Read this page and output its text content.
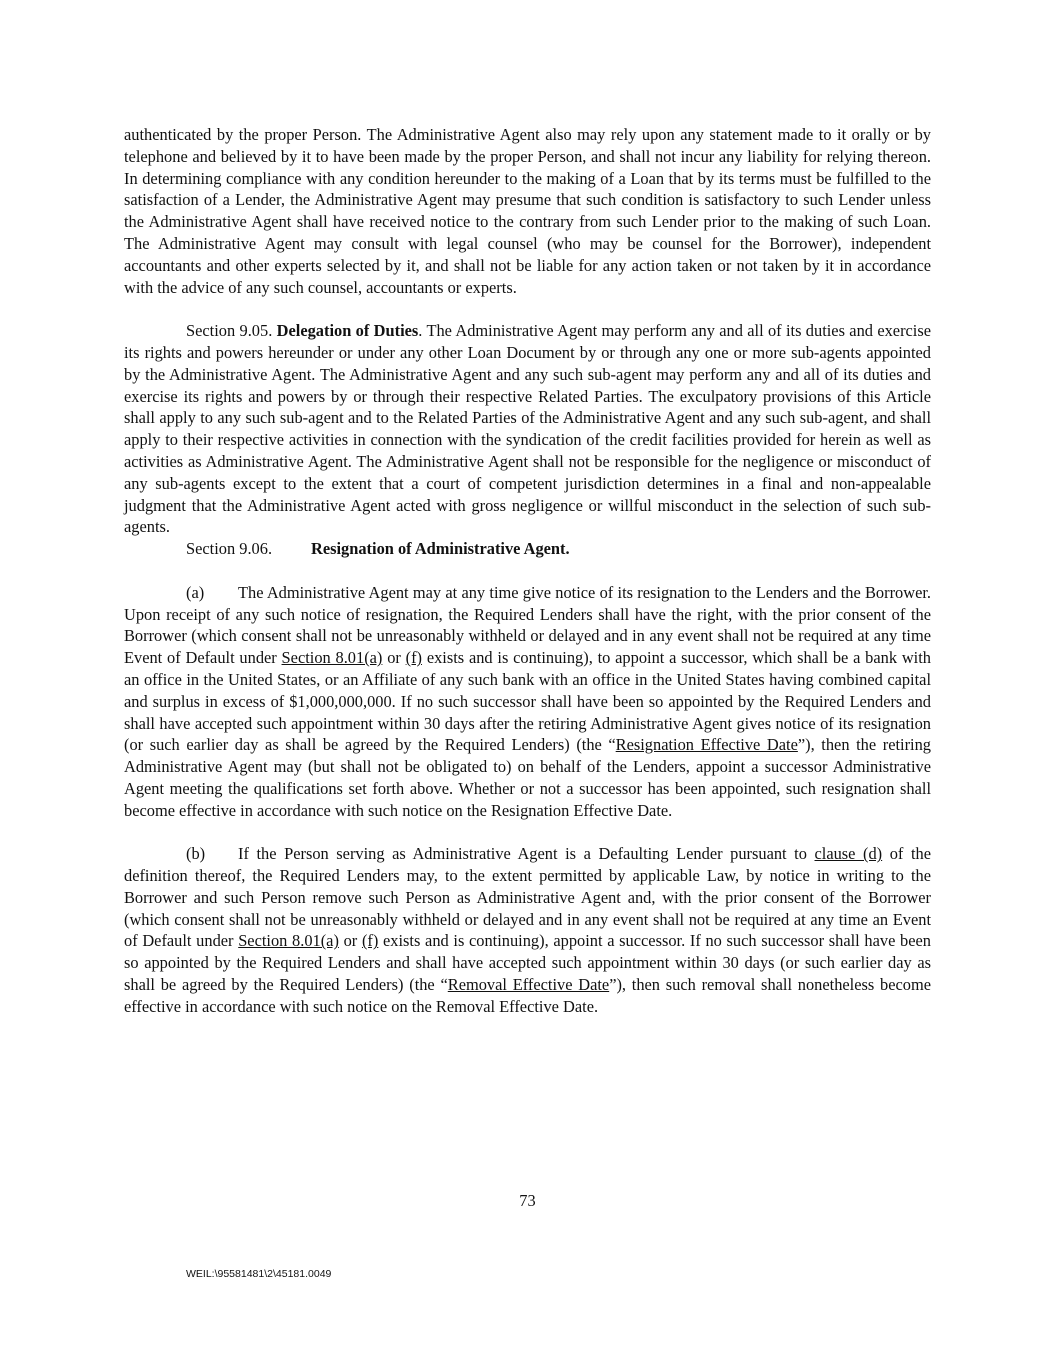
authenticated by the proper Person. The Administrative Agent also may rely upon any statement made to it orally or by telephone and believed by it to have been made by the proper Person, and shall not incur any liability for relying thereon. In determining compliance with any condition hereunder to the making of a Loan that by its terms must be fulfilled to the satisfaction of a Lender, the Administrative Agent may presume that such condition is satisfactory to such Lender unless the Administrative Agent shall have received notice to the contrary from such Lender prior to the making of such Loan. The Administrative Agent may consult with legal counsel (who may be counsel for the Borrower), independent accountants and other experts selected by it, and shall not be liable for any action taken or not taken by it in accordance with the advice of any such counsel, accountants or experts.

Section 9.05. Delegation of Duties. The Administrative Agent may perform any and all of its duties and exercise its rights and powers hereunder or under any other Loan Document by or through any one or more sub-agents appointed by the Administrative Agent. The Administrative Agent and any such sub-agent may perform any and all of its duties and exercise its rights and powers by or through their respective Related Parties. The exculpatory provisions of this Article shall apply to any such sub-agent and to the Related Parties of the Administrative Agent and any such sub-agent, and shall apply to their respective activities in connection with the syndication of the credit facilities provided for herein as well as activities as Administrative Agent. The Administrative Agent shall not be responsible for the negligence or misconduct of any sub-agents except to the extent that a court of competent jurisdiction determines in a final and non-appealable judgment that the Administrative Agent acted with gross negligence or willful misconduct in the selection of such sub-agents.

Section 9.06. Resignation of Administrative Agent.

(a) The Administrative Agent may at any time give notice of its resignation to the Lenders and the Borrower. Upon receipt of any such notice of resignation, the Required Lenders shall have the right, with the prior consent of the Borrower (which consent shall not be unreasonably withheld or delayed and in any event shall not be required at any time Event of Default under Section 8.01(a) or (f) exists and is continuing), to appoint a successor, which shall be a bank with an office in the United States, or an Affiliate of any such bank with an office in the United States having combined capital and surplus in excess of $1,000,000,000. If no such successor shall have been so appointed by the Required Lenders and shall have accepted such appointment within 30 days after the retiring Administrative Agent gives notice of its resignation (or such earlier day as shall be agreed by the Required Lenders) (the “Resignation Effective Date”), then the retiring Administrative Agent may (but shall not be obligated to) on behalf of the Lenders, appoint a successor Administrative Agent meeting the qualifications set forth above. Whether or not a successor has been appointed, such resignation shall become effective in accordance with such notice on the Resignation Effective Date.

(b) If the Person serving as Administrative Agent is a Defaulting Lender pursuant to clause (d) of the definition thereof, the Required Lenders may, to the extent permitted by applicable Law, by notice in writing to the Borrower and such Person remove such Person as Administrative Agent and, with the prior consent of the Borrower (which consent shall not be unreasonably withheld or delayed and in any event shall not be required at any time an Event of Default under Section 8.01(a) or (f) exists and is continuing), appoint a successor. If no such successor shall have been so appointed by the Required Lenders and shall have accepted such appointment within 30 days (or such earlier day as shall be agreed by the Required Lenders) (the “Removal Effective Date”), then such removal shall nonetheless become effective in accordance with such notice on the Removal Effective Date.

73
WEIL:\95581481\2\45181.0049
